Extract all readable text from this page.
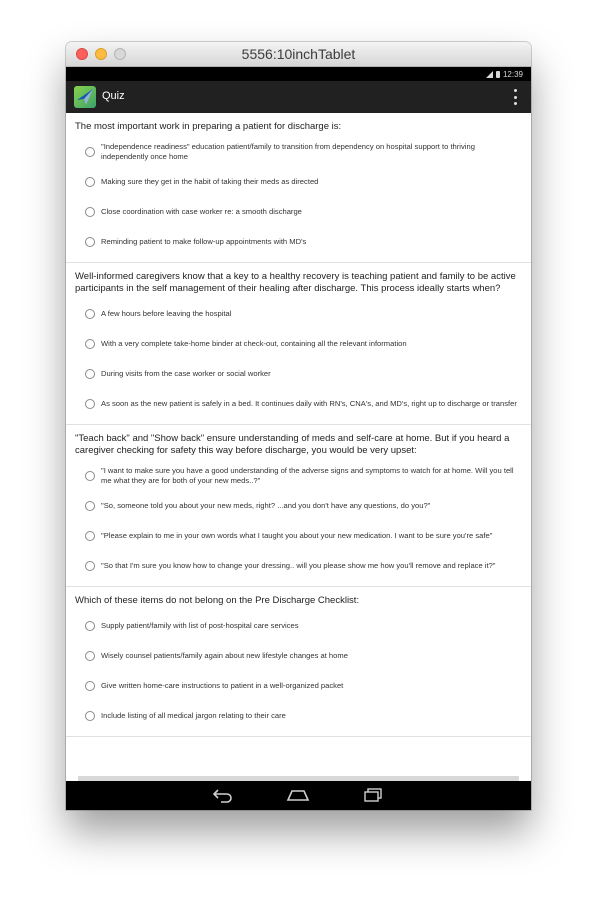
5556:10inchTablet
12:39
Quiz
The most important work in preparing a patient for discharge is:
"Independence readiness" education patient/family to transition from dependency on hospital support to thriving independently once home
Making sure they get in the habit of taking their meds as directed
Close coordination with case worker re: a smooth discharge
Reminding patient to make follow-up appointments with MD's
Well-informed caregivers know that a key to a healthy recovery is teaching patient and family to be active participants in the self management of their healing after discharge. This process ideally starts when?
A few hours before leaving the hospital
With a very complete take-home binder at check-out, containing all the relevant information
During visits from the case worker or social worker
As soon as the new patient is safely in a bed. It continues daily with RN's, CNA's, and MD's, right up to discharge or transfer
"Teach back" and "Show back" ensure understanding of meds and self-care at home. But if you heard a caregiver checking for safety this way before discharge, you would be very upset:
"I want to make sure you have a good understanding of the adverse signs and symptoms to watch for at home. Will you tell me what they are for both of your new meds..?"
"So, someone told you about your new meds, right? ...and you don't have any questions, do you?"
"Please explain to me in your own words what I taught you about your new medication. I want to be sure you're safe"
"So that I'm sure you know how to change your dressing.. will you please show me how you'll remove and replace it?"
Which of these items do not belong on the Pre Discharge Checklist:
Supply patient/family with list of post-hospital care services
Wisely counsel patients/family again about new lifestyle changes at home
Give written home-care instructions to patient in a well-organized packet
Include listing of all medical jargon relating to their care
